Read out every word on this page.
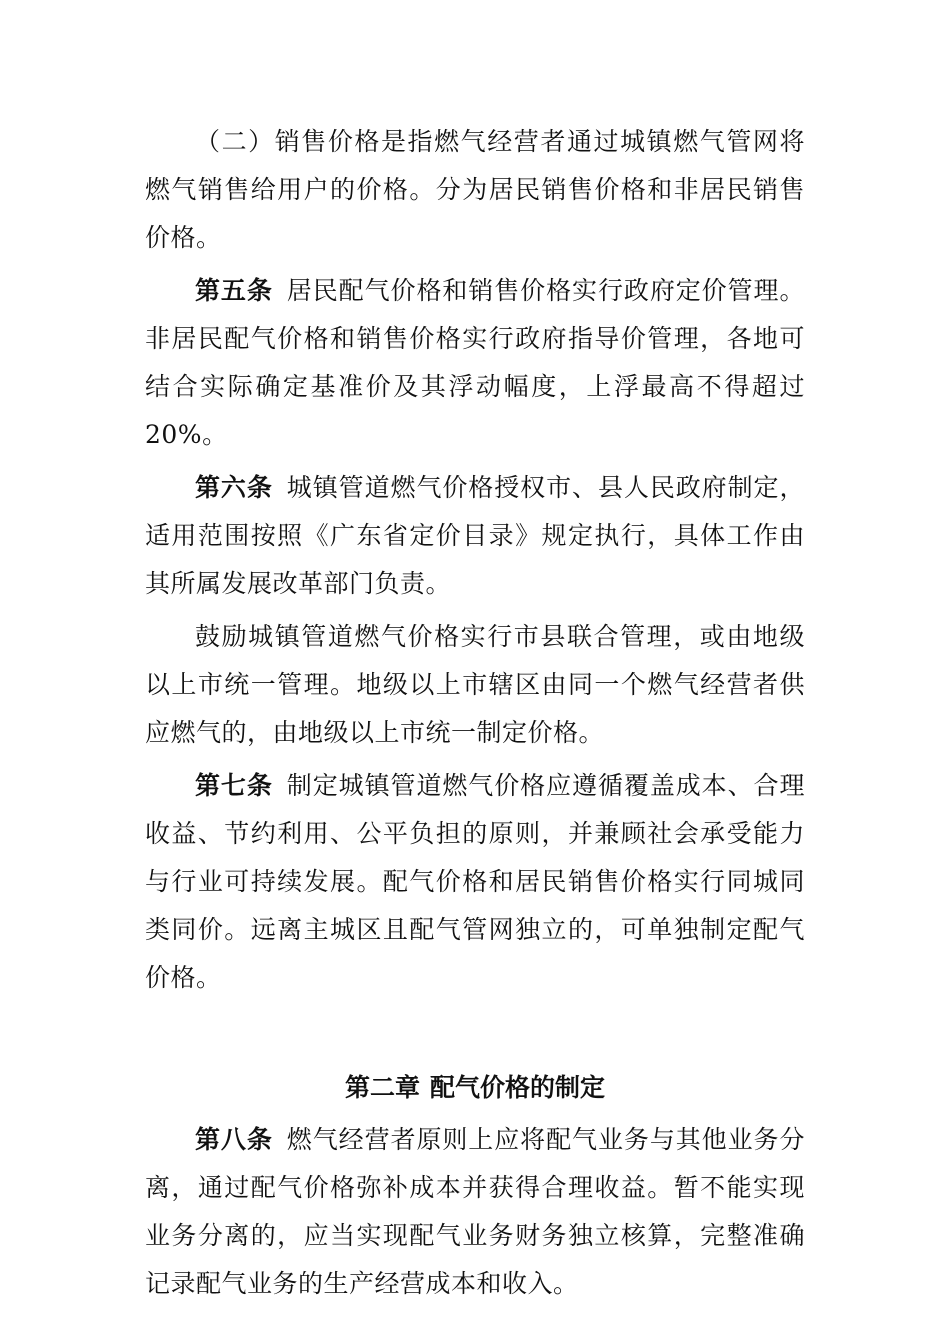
（二）销售价格是指燃气经营者通过城镇燃气管网将燃气销售给用户的价格。分为居民销售价格和非居民销售价格。

第五条 居民配气价格和销售价格实行政府定价管理。非居民配气价格和销售价格实行政府指导价管理，各地可结合实际确定基准价及其浮动幅度，上浮最高不得超过20%。

第六条 城镇管道燃气价格授权市、县人民政府制定，适用范围按照《广东省定价目录》规定执行，具体工作由其所属发展改革部门负责。

鼓励城镇管道燃气价格实行市县联合管理，或由地级以上市统一管理。地级以上市辖区由同一个燃气经营者供应燃气的，由地级以上市统一制定价格。

第七条 制定城镇管道燃气价格应遵循覆盖成本、合理收益、节约利用、公平负担的原则，并兼顾社会承受能力与行业可持续发展。配气价格和居民销售价格实行同城同类同价。远离主城区且配气管网独立的，可单独制定配气价格。

第二章 配气价格的制定

第八条 燃气经营者原则上应将配气业务与其他业务分离，通过配气价格弥补成本并获得合理收益。暂不能实现业务分离的，应当实现配气业务财务独立核算，完整准确记录配气业务的生产经营成本和收入。
